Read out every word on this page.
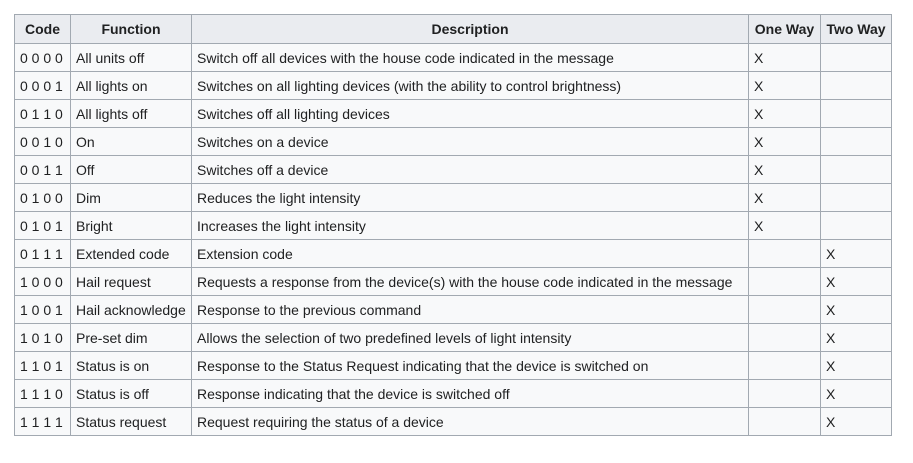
Code	Function	Description	One Way	Two Way
0 0 0 0	All units off	Switch off all devices with the house code indicated in the message	X	
0 0 0 1	All lights on	Switches on all lighting devices (with the ability to control brightness)	X	
0 1 1 0	All lights off	Switches off all lighting devices	X	
0 0 1 0	On	Switches on a device	X	
0 0 1 1	Off	Switches off a device	X	
0 1 0 0	Dim	Reduces the light intensity	X	
0 1 0 1	Bright	Increases the light intensity	X	
0 1 1 1	Extended code	Extension code		X
1 0 0 0	Hail request	Requests a response from the device(s) with the house code indicated in the message		X
1 0 0 1	Hail acknowledge	Response to the previous command		X
1 0 1 0	Pre-set dim	Allows the selection of two predefined levels of light intensity		X
1 1 0 1	Status is on	Response to the Status Request indicating that the device is switched on		X
1 1 1 0	Status is off	Response indicating that the device is switched off		X
1 1 1 1	Status request	Request requiring the status of a device		X
